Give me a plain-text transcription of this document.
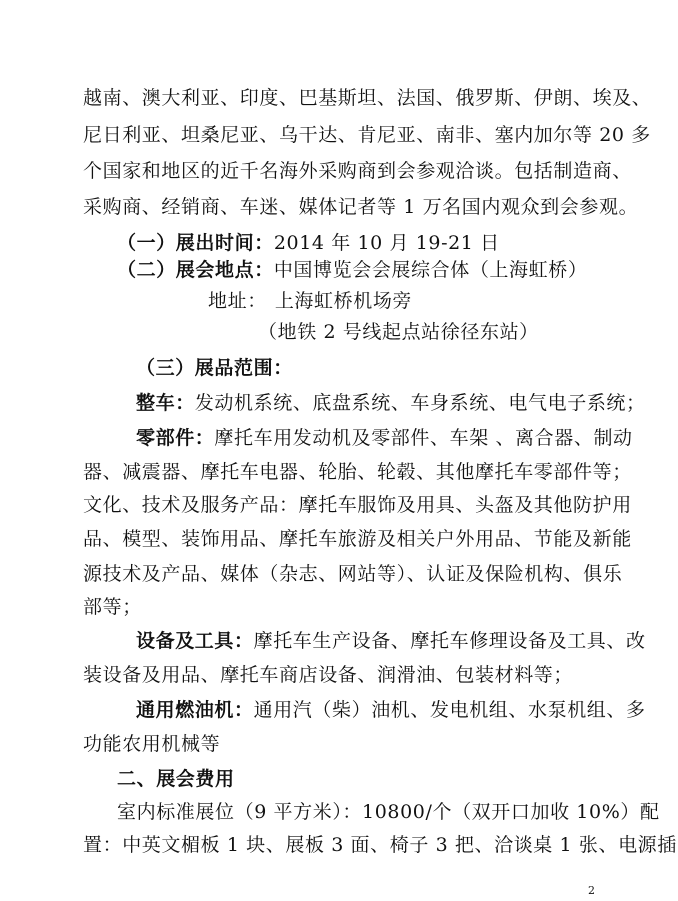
越南、澳大利亚、印度、巴基斯坦、法国、俄罗斯、伊朗、埃及、
尼日利亚、坦桑尼亚、乌干达、肯尼亚、南非、塞内加尔等 20 多
个国家和地区的近千名海外采购商到会参观洽谈。包括制造商、
采购商、经销商、车迷、媒体记者等 1 万名国内观众到会参观。
（一）展出时间：2014 年 10 月 19-21 日
（二）展会地点：中国博览会会展综合体（上海虹桥）
地址： 上海虹桥机场旁
（地铁 2 号线起点站徐径东站）
（三）展品范围：
整车：发动机系统、底盘系统、车身系统、电气电子系统；
零部件：摩托车用发动机及零部件、车架 、离合器、制动
器、减震器、摩托车电器、轮胎、轮毂、其他摩托车零部件等；
文化、技术及服务产品：摩托车服饰及用具、头盔及其他防护用
品、模型、装饰用品、摩托车旅游及相关户外用品、节能及新能
源技术及产品、媒体（杂志、网站等）、认证及保险机构、俱乐
部等；
设备及工具：摩托车生产设备、摩托车修理设备及工具、改
装设备及用品、摩托车商店设备、润滑油、包装材料等；
通用燃油机：通用汽（柴）油机、发电机组、水泵机组、多
功能农用机械等
二、展会费用
室内标准展位（9 平方米）：10800/个（双开口加收 10%）配
置：中英文楣板 1 块、展板 3 面、椅子 3 把、洽谈桌 1 张、电源插
2
